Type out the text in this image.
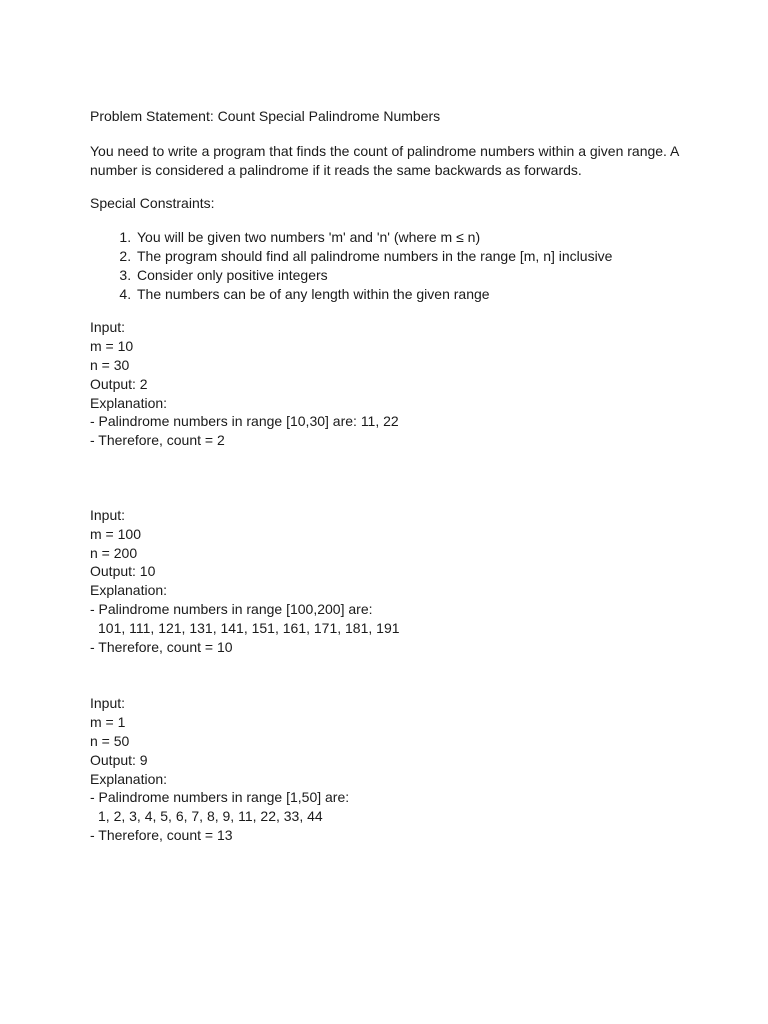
Problem Statement: Count Special Palindrome Numbers
You need to write a program that finds the count of palindrome numbers within a given range. A
number is considered a palindrome if it reads the same backwards as forwards.
Special Constraints:
1. You will be given two numbers 'm' and 'n' (where m ≤ n)
2. The program should find all palindrome numbers in the range [m, n] inclusive
3. Consider only positive integers
4. The numbers can be of any length within the given range
Input:
m = 10
n = 30
Output: 2
Explanation:
- Palindrome numbers in range [10,30] are: 11, 22
- Therefore, count = 2
Input:
m = 100
n = 200
Output: 10
Explanation:
- Palindrome numbers in range [100,200] are:
101, 111, 121, 131, 141, 151, 161, 171, 181, 191
- Therefore, count = 10
Input:
m = 1
n = 50
Output: 9
Explanation:
- Palindrome numbers in range [1,50] are:
1, 2, 3, 4, 5, 6, 7, 8, 9, 11, 22, 33, 44
- Therefore, count = 13
